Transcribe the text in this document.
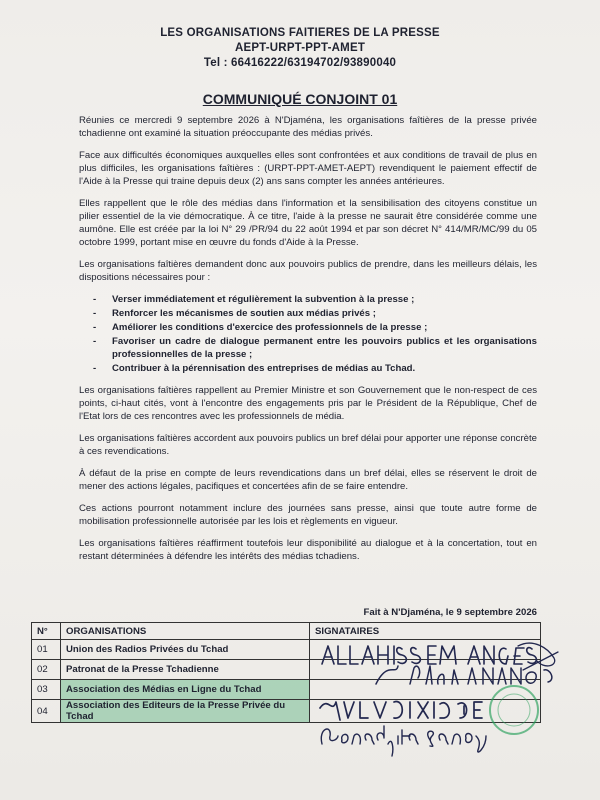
LES ORGANISATIONS FAITIERES DE LA PRESSE
AEPT-URPT-PPT-AMET
Tel : 66416222/63194702/93890040
COMMUNIQUÉ CONJOINT 01

Réunies ce mercredi 9 septembre 2026 à N'Djaména, les organisations faîtières de la presse privée tchadienne ont examiné la situation préoccupante des médias privés.

Face aux difficultés économiques auxquelles elles sont confrontées et aux conditions de travail de plus en plus difficiles, les organisations faîtières : (URPT-PPT-AMET-AEPT) revendiquent le paiement effectif de l'Aide à la Presse qui traine depuis deux (2) ans sans compter les années antérieures.

Elles rappellent que le rôle des médias dans l'information et la sensibilisation des citoyens constitue un pilier essentiel de la vie démocratique. À ce titre, l'aide à la presse ne saurait être considérée comme une aumône. Elle est créée par la loi N° 29 /PR/94 du 22 août 1994 et par son décret N° 414/MR/MC/99 du 05 octobre 1999, portant mise en œuvre du fonds d'Aide à la Presse.

Les organisations faîtières demandent donc aux pouvoirs publics de prendre, dans les meilleurs délais, les dispositions nécessaires pour :

- Verser immédiatement et régulièrement la subvention à la presse ;
- Renforcer les mécanismes de soutien aux médias privés ;
- Améliorer les conditions d'exercice des professionnels de la presse ;
- Favoriser un cadre de dialogue permanent entre les pouvoirs publics et les organisations professionnelles de la presse ;
- Contribuer à la pérennisation des entreprises de médias au Tchad.

Les organisations faîtières rappellent au Premier Ministre et son Gouvernement que le non-respect de ces points, ci-haut cités, vont à l'encontre des engagements pris par le Président de la République, Chef de l'Etat lors de ces rencontres avec les professionnels de média.

Les organisations faîtières accordent aux pouvoirs publics un bref délai pour apporter une réponse concrète à ces revendications.

À défaut de la prise en compte de leurs revendications dans un bref délai, elles se réservent le droit de mener des actions légales, pacifiques et concertées afin de se faire entendre.

Ces actions pourront notamment inclure des journées sans presse, ainsi que toute autre forme de mobilisation professionnelle autorisée par les lois et règlements en vigueur.

Les organisations faîtières réaffirment toutefois leur disponibilité au dialogue et à la concertation, tout en restant déterminées à défendre les intérêts des médias tchadiens.

Fait à N'Djaména, le 9 septembre 2026
N°	ORGANISATIONS	SIGNATAIRES
01	Union des Radios Privées du Tchad	
02	Patronat de la Presse Tchadienne	
03	Association des Médias en Ligne du Tchad	
04	Association des Editeurs de la Presse Privée du Tchad	
